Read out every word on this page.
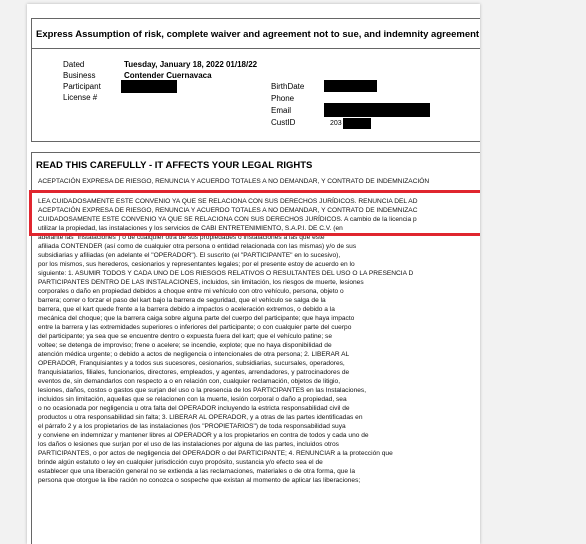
Express Assumption of risk, complete waiver and agreement not to sue, and indemnity agreement
Dated	Tuesday, January 18, 2022 01/18/22
Business	Contender Cuernavaca
Participant
License #
BirthDate
Phone
Email
CustID	203
READ THIS CAREFULLY - IT AFFECTS YOUR LEGAL RIGHTS
ACEPTACIÓN EXPRESA DE RIESGO, RENUNCIA Y ACUERDO TOTALES A NO DEMANDAR, Y CONTRATO DE INDEMNIZACIÓN
LEA CUIDADOSAMENTE ESTE CONVENIO YA QUE SE RELACIONA CON SUS DERECHOS JURÍDICOS. RENUNCIA DEL AD
ACEPTACIÓN EXPRESA DE RIESGO, RENUNCIA Y ACUERDO TOTALES A NO DEMANDAR, Y CONTRATO DE INDEMNIZAC
CUIDADOSAMENTE ESTE CONVENIO YA QUE SE RELACIONA CON SUS DERECHOS JURÍDICOS. A cambio de la licencia p
utilizar la propiedad, las instalaciones y los servicios de CABI ENTRETENIMIENTO, S.A.P.I. DE C.V. (en
adelante las "instalaciones") o de cualquier otra de sus propiedades o instalaciones a las que este
afiliada CONTENDER (así como de cualquier otra persona o entidad relacionada con las mismas) y/o de sus
subsidiarias y afiliadas (en adelante el "OPERADOR"). El suscrito (el "PARTICIPANTE" en lo sucesivo),
por los mismos, sus herederos, cesionarios y representantes legales; por el presente estoy de acuerdo en lo
siguiente: 1. ASUMIR TODOS Y CADA UNO DE LOS RIESGOS RELATIVOS O RESULTANTES DEL USO O LA PRESENCIA D
PARTICIPANTES DENTRO DE LAS INSTALACIONES, incluidos, sin limitación, los riesgos de muerte, lesiones
corporales o daño en propiedad debidos a choque entre mi vehículo con otro vehículo, persona, objeto o
barrera; correr o forzar el paso del kart bajo la barrera de seguridad, que el vehículo se salga de la
barrera, que el kart quede frente a la barrera debido a impactos o aceleración extremos, o debido a la
mecánica del choque; que la barrera caiga sobre alguna parte del cuerpo del participante; que haya impacto
entre la barrera y las extremidades superiores o inferiores del participante; o con cualquier parte del cuerpo
del participante; ya sea que se encuentre dentro o expuesta fuera del kart; que el vehículo patine; se
voltee; se detenga de improviso; frene o acelere; se incendie, explote; que no haya disponibilidad de
atención médica urgente; o debido a actos de negligencia o intencionales de otra persona; 2. LIBERAR AL
OPERADOR, Franquisiantes y a todos sus sucesores, cesionarios, subsidiarias, sucursales, operadores,
franquisiatarios, filiales, funcionarios, directores, empleados, y agentes, arrendadores, y patrocinadores de
eventos de, sin demandarlos con respecto a o en relación con, cualquier reclamación, objetos de litigio,
lesiones, daños, costos o gastos que surjan del uso o la presencia de los PARTICIPANTES en las Instalaciones,
incluidos sin limitación, aquellas que se relacionen con la muerte, lesión corporal o daño a propiedad, sea
o no ocasionada por negligencia u otra falta del OPERADOR incluyendo la estricta responsabilidad civil de
productos u otra responsabilidad sin falta; 3. LIBERAR AL OPERADOR, y a otras de las partes identificadas en
el párrafo 2 y a los propietarios de las instalaciones (los "PROPIETARIOS") de toda responsabilidad suya
y convienе en indemnizar y mantener libres al OPERADOR y a los propietarios en contra de todos y cada uno de
los daños o lesiones que surjan por el uso de las instalaciones por alguna de las partes, incluidos otros
PARTICIPANTES, o por actos de negligencia del OPERADOR o del PARTICIPANTE; 4. RENUNCIAR a la protección que
brinde algún estatuto o ley en cualquier jurisdicción cuyo propósito, sustancia y/o efecto sea el de
establecer que una liberación general no se extienda a las reclamaciones, materiales o de otra forma, que la
persona que otorgue la libe ración no conozca o sospeche que existan al momento de aplicar las liberaciones;
